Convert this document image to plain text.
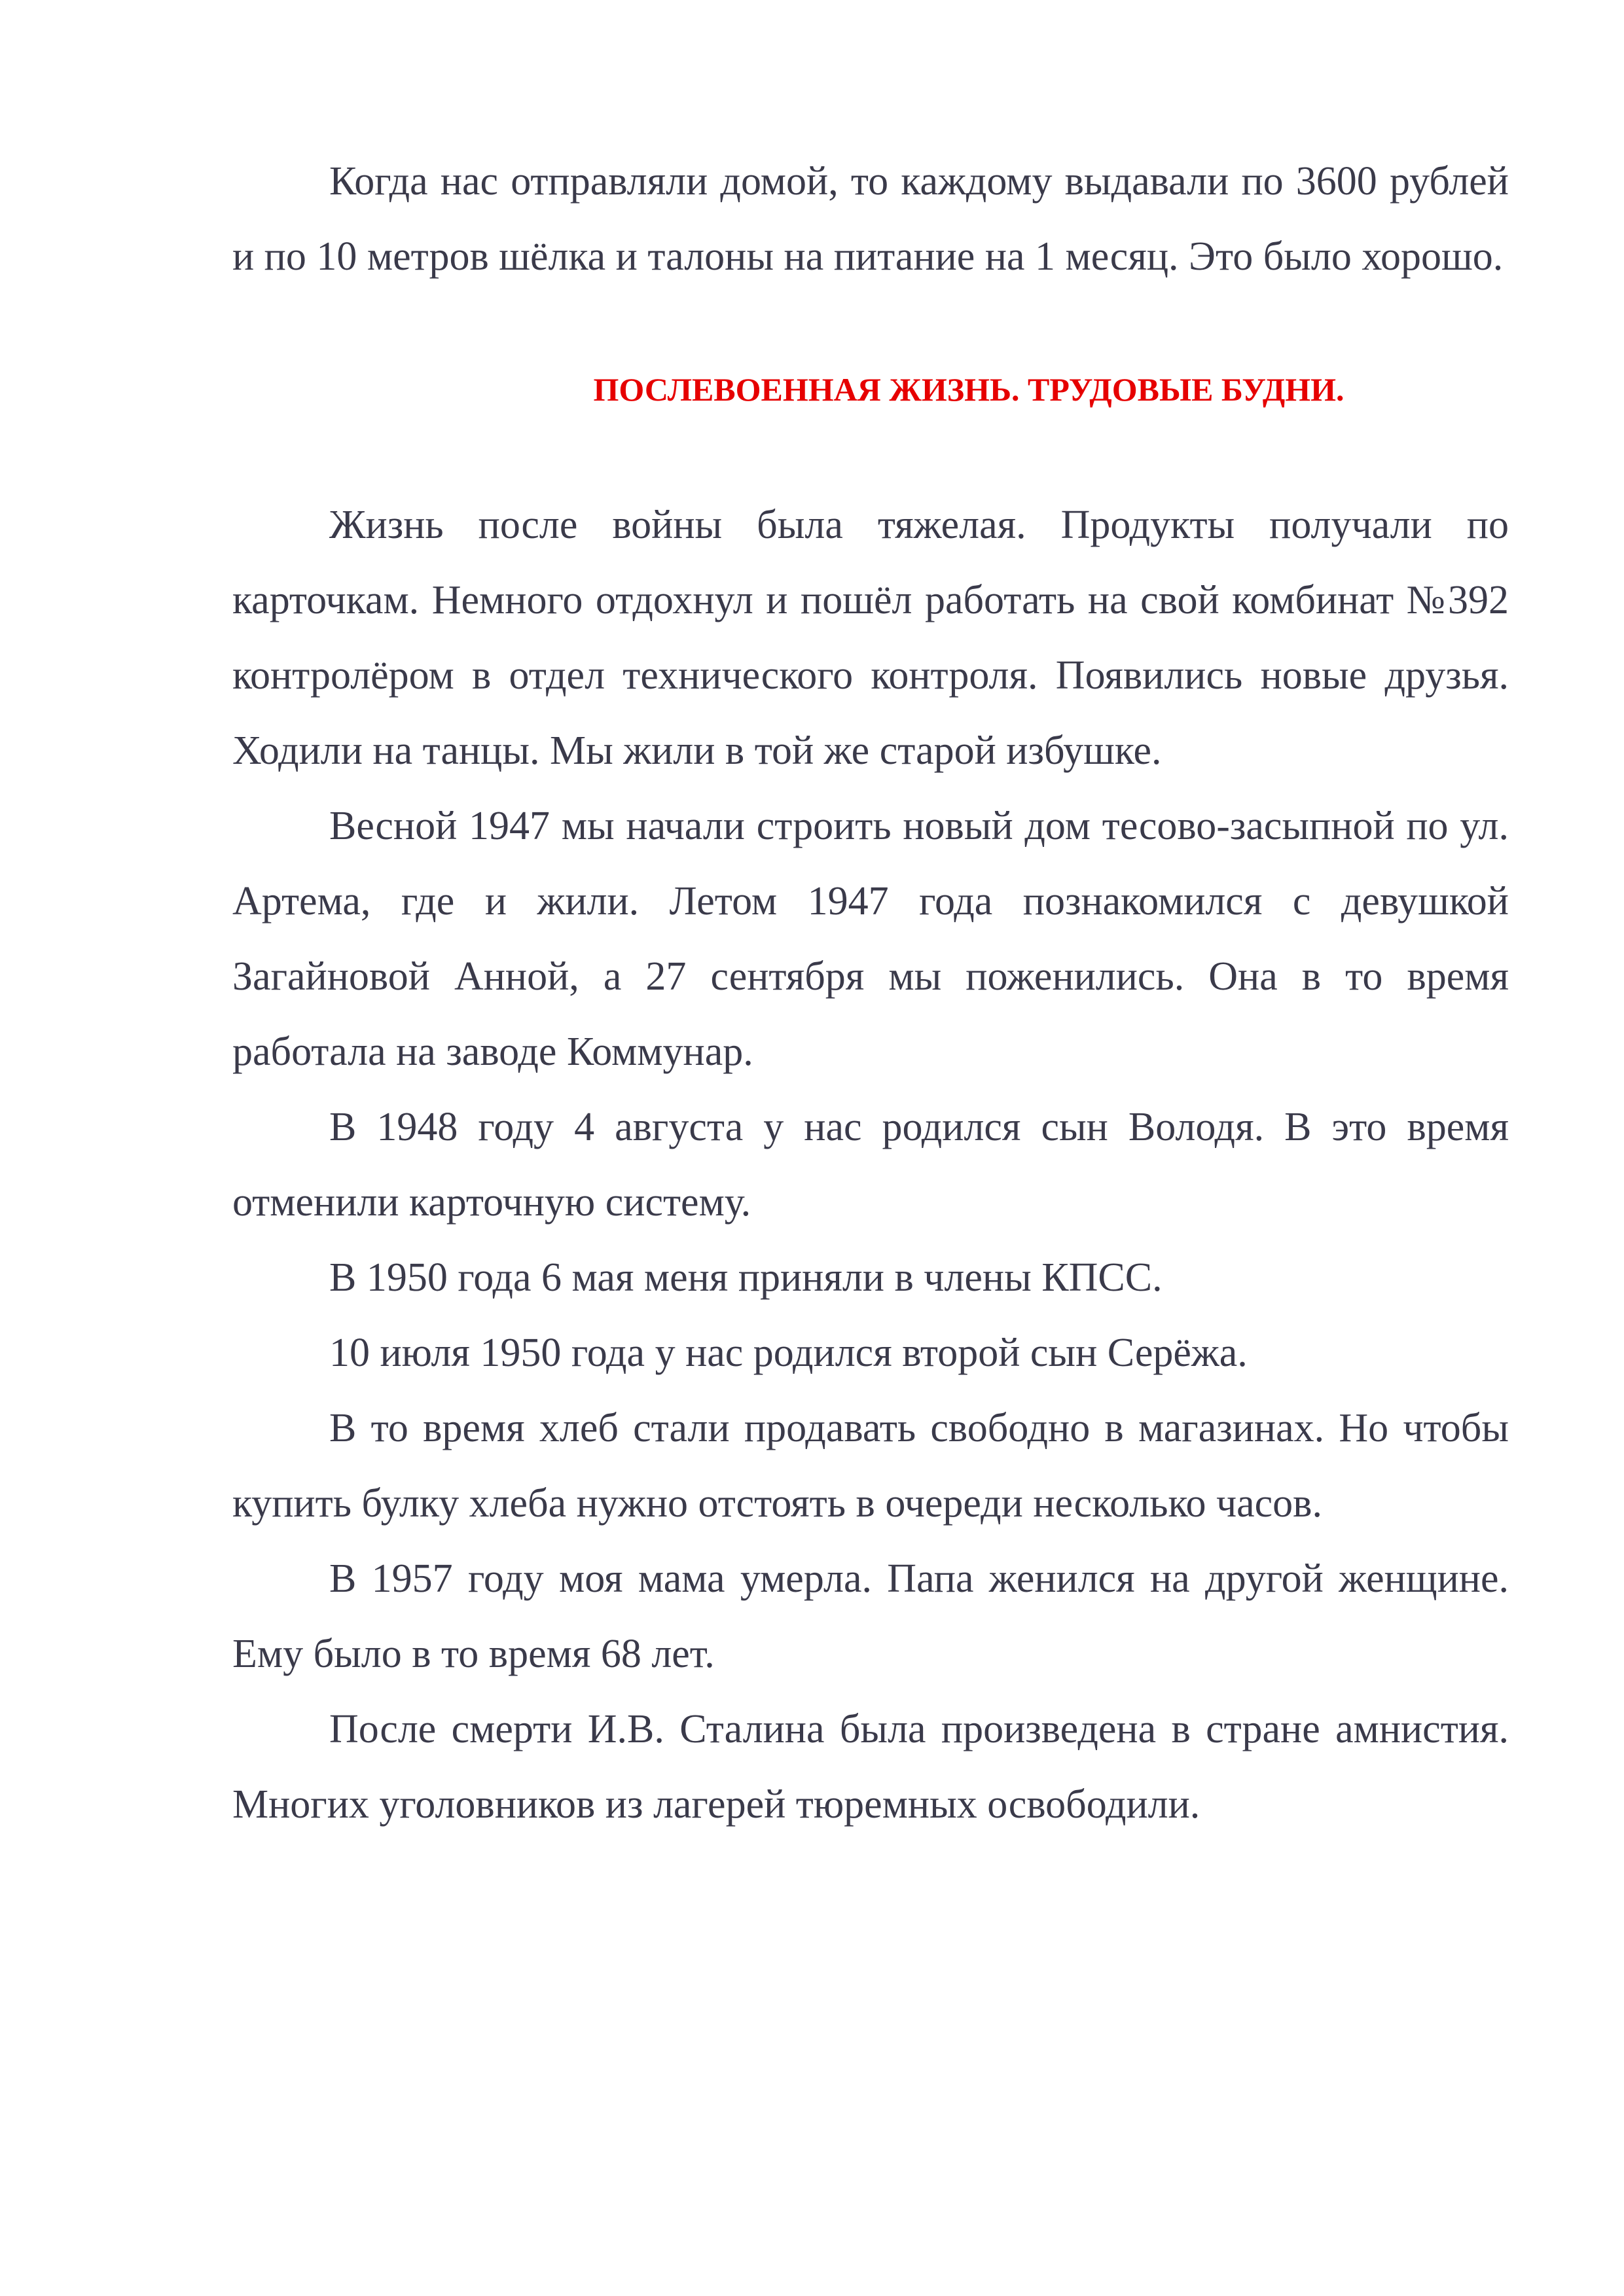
Когда нас отправляли домой, то каждому выдавали по 3600 рублей и по 10 метров шёлка и талоны на питание на 1 месяц. Это было хорошо.

ПОСЛЕВОЕННАЯ ЖИЗНЬ. ТРУДОВЫЕ БУДНИ.

Жизнь после войны была тяжелая. Продукты получали по карточкам. Немного отдохнул и пошёл работать на свой комбинат №392 контролёром в отдел технического контроля. Появились новые друзья. Ходили на танцы. Мы жили в той же старой избушке.

Весной 1947 мы начали строить новый дом тесово-засыпной по ул. Артема, где и жили. Летом 1947 года познакомился с девушкой Загайновой Анной, а 27 сентября мы поженились. Она в то время работала на заводе Коммунар.

В 1948 году 4 августа у нас родился сын Володя. В это время отменили карточную систему.

В 1950 года 6 мая меня приняли в члены КПСС.

10 июля 1950 года у нас родился второй сын Серёжа.

В то время хлеб стали продавать свободно в магазинах. Но чтобы купить булку хлеба нужно отстоять в очереди несколько часов.

В 1957 году моя мама умерла. Папа женился на другой женщине. Ему было в то время 68 лет.

После смерти И.В. Сталина была произведена в стране амнистия. Многих уголовников из лагерей тюремных освободили.
